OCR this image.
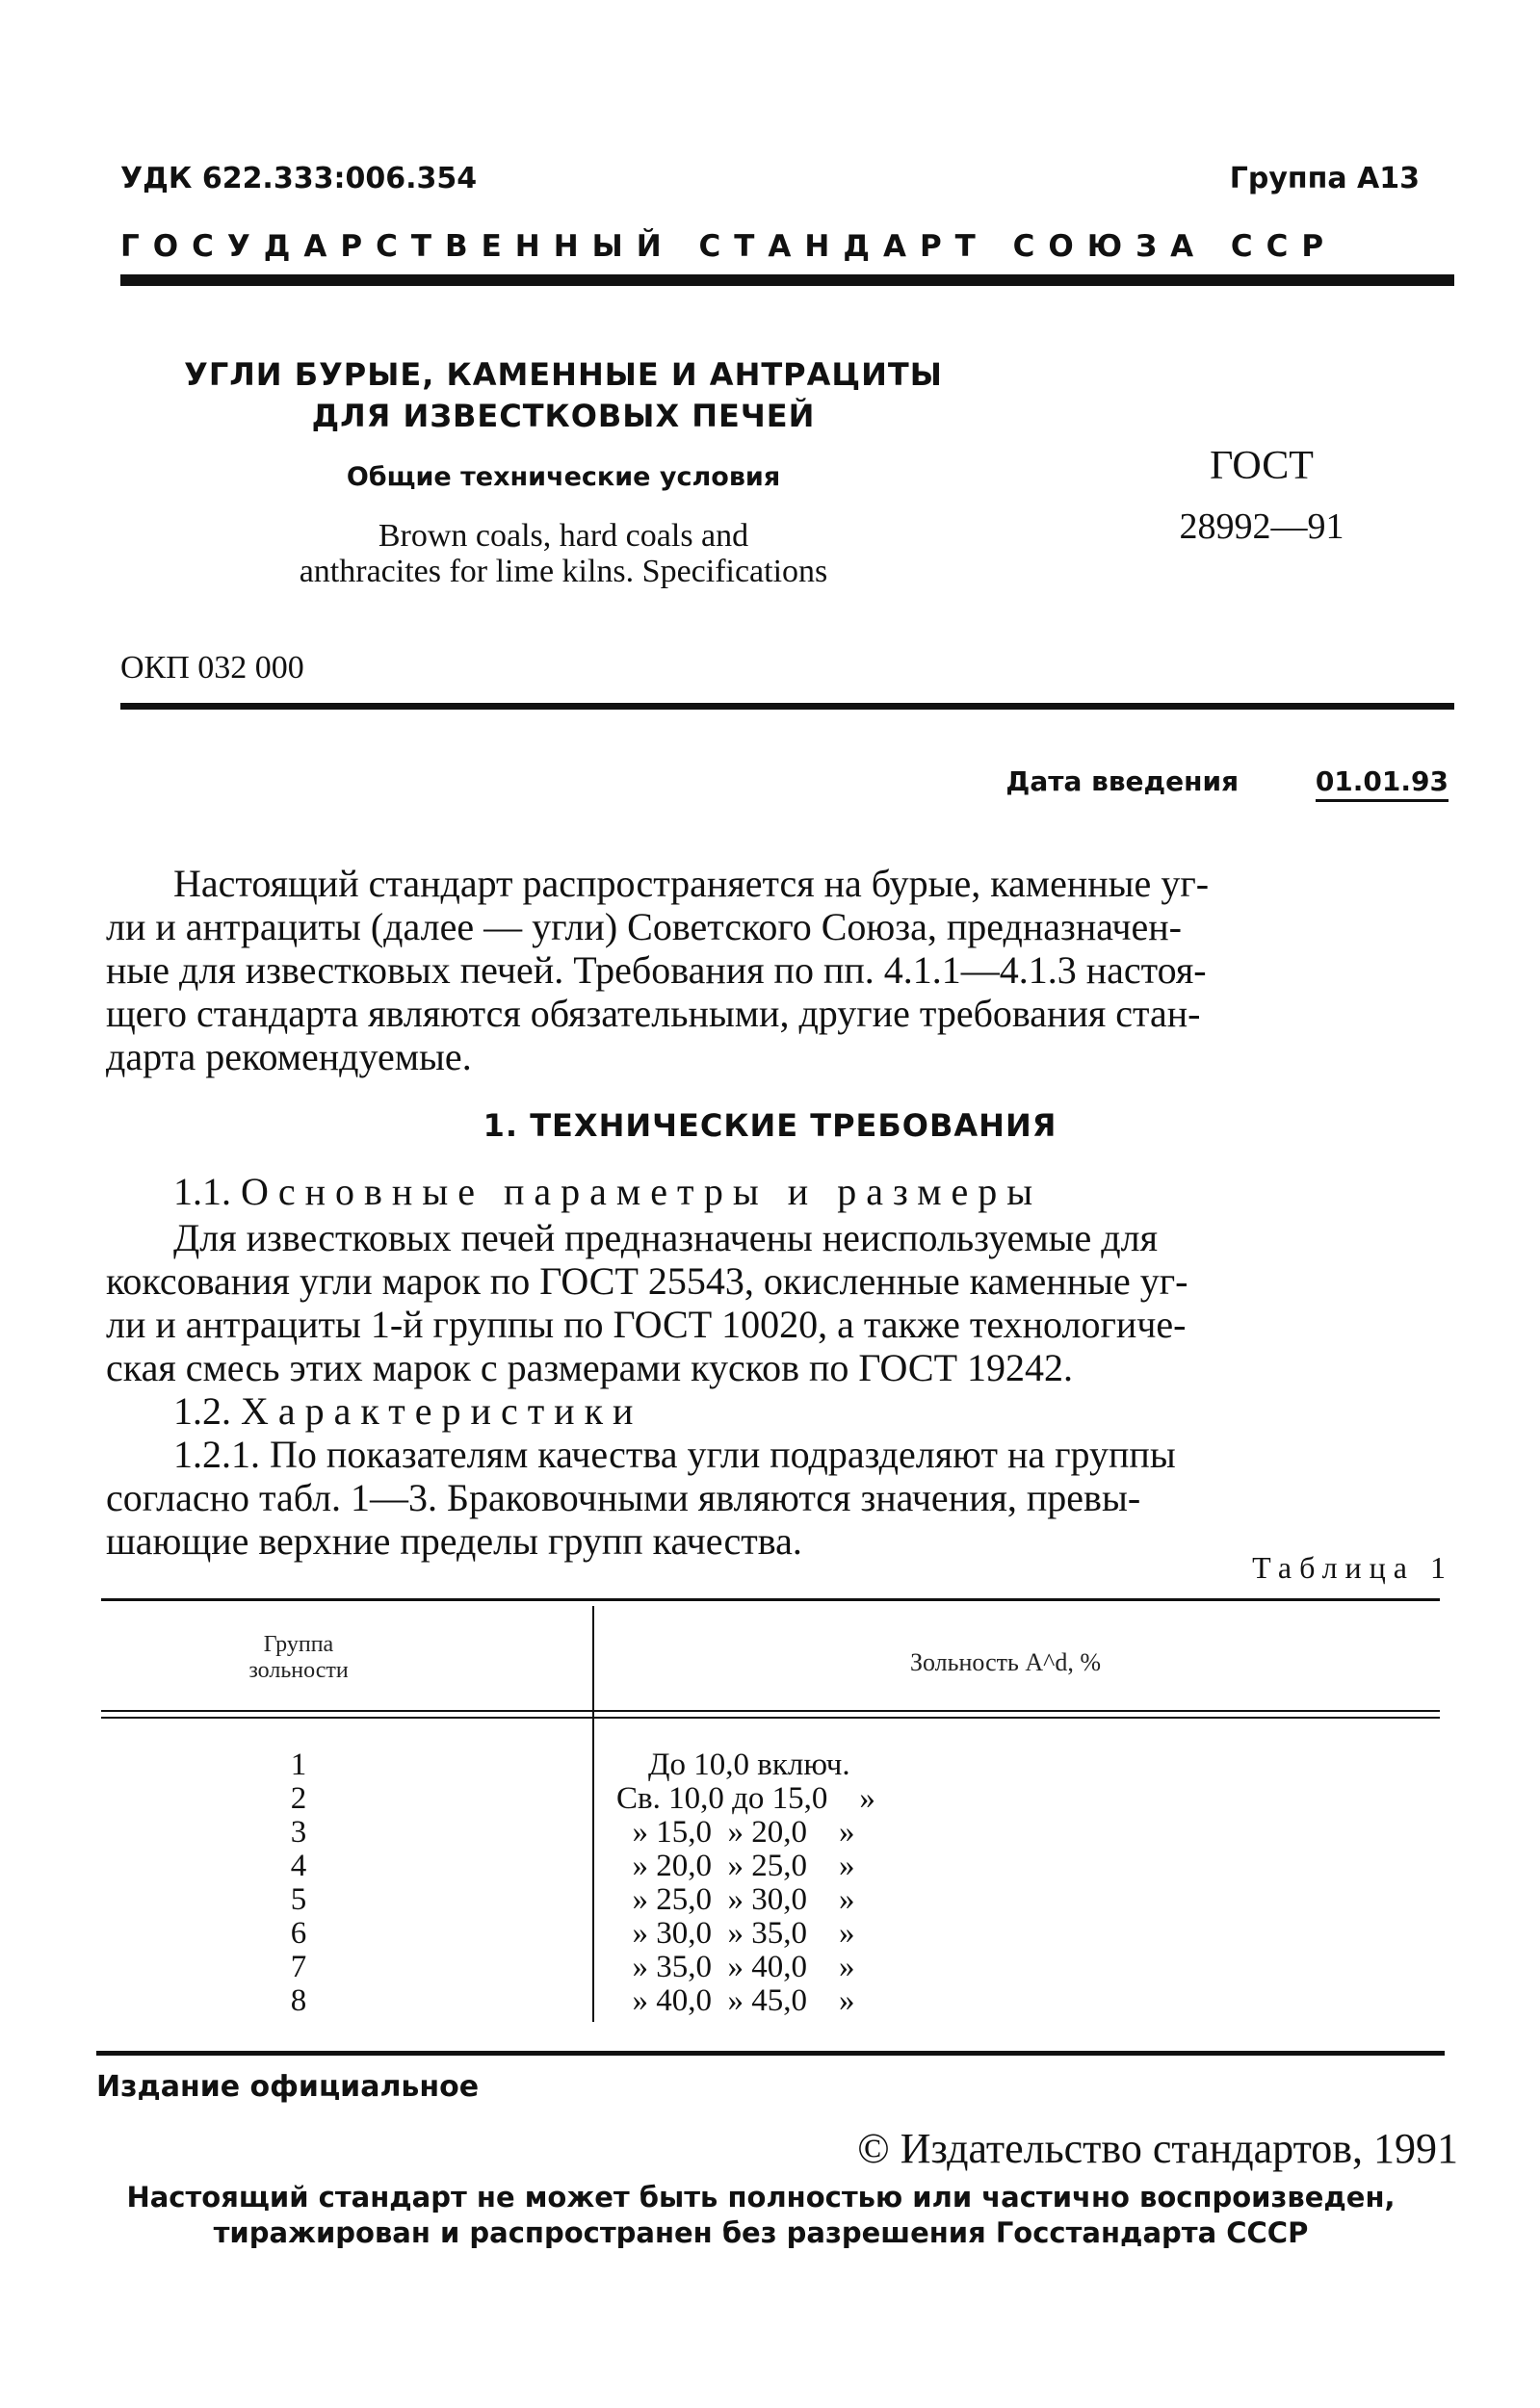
УДК 622.333:006.354	Группа А13
ГОСУДАРСТВЕННЫЙ СТАНДАРТ СОЮЗА ССР
УГЛИ БУРЫЕ, КАМЕННЫЕ И АНТРАЦИТЫ
ДЛЯ ИЗВЕСТКОВЫХ ПЕЧЕЙ
Общие технические условия
Brown coals, hard coals and
anthracites for lime kilns. Specifications
ГОСТ
28992—91
ОКП 032 000
Дата введения	01.01.93
Настоящий стандарт распространяется на бурые, каменные уг-
ли и антрациты (далее — угли) Советского Союза, предназначен-
ные для известковых печей. Требования по пп. 4.1.1—4.1.3 настоя-
щего стандарта являются обязательными, другие требования стан-
дарта рекомендуемые.
1. ТЕХНИЧЕСКИЕ ТРЕБОВАНИЯ
1.1. Основные параметры и размеры
Для известковых печей предназначены неиспользуемые для
коксования угли марок по ГОСТ 25543, окисленные каменные уг-
ли и антрациты 1-й группы по ГОСТ 10020, а также технологиче-
ская смесь этих марок с размерами кусков по ГОСТ 19242.
1.2. Характеристики
1.2.1. По показателям качества угли подразделяют на группы
согласно табл. 1—3. Браковочными являются значения, превы-
шающие верхние пределы групп качества.
Таблица 1
Группа
зольности	Зольность A^d, %
1	До 10,0 включ.
2	Св. 10,0 до 15,0    »
3	» 15,0  » 20,0    »
4	» 20,0  » 25,0    »
5	» 25,0  » 30,0    »
6	» 30,0  » 35,0    »
7	» 35,0  » 40,0    »
8	» 40,0  » 45,0    »
Издание официальное
© Издательство стандартов, 1991
Настоящий стандарт не может быть полностью или частично воспроизведен,
тиражирован и распространен без разрешения Госстандарта СССР
